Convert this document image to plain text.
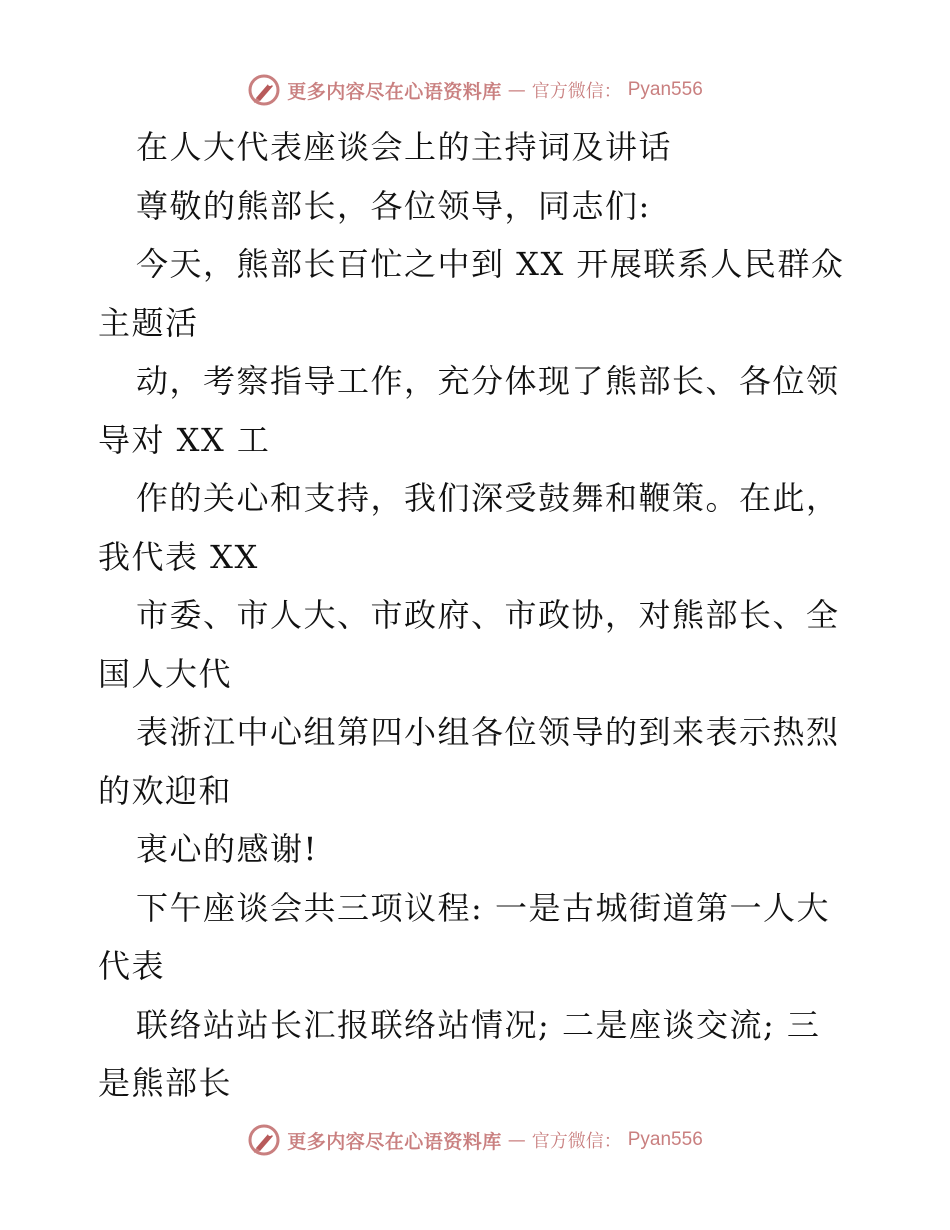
更多内容尽在心语资料库 — 官方微信： Pyan556
在人大代表座谈会上的主持词及讲话
尊敬的熊部长，各位领导，同志们:
今天，熊部长百忙之中到 XX 开展联系人民群众
主题活
动，考察指导工作，充分体现了熊部长、各位领
导对 XX 工
作的关心和支持，我们深受鼓舞和鞭策。在此，
我代表 XX
市委、市人大、市政府、市政协，对熊部长、全
国人大代
表浙江中心组第四小组各位领导的到来表示热烈
的欢迎和
衷心的感谢!
下午座谈会共三项议程: 一是古城街道第一人大
代表
联络站站长汇报联络站情况; 二是座谈交流; 三
是熊部长
更多内容尽在心语资料库 — 官方微信： Pyan556
